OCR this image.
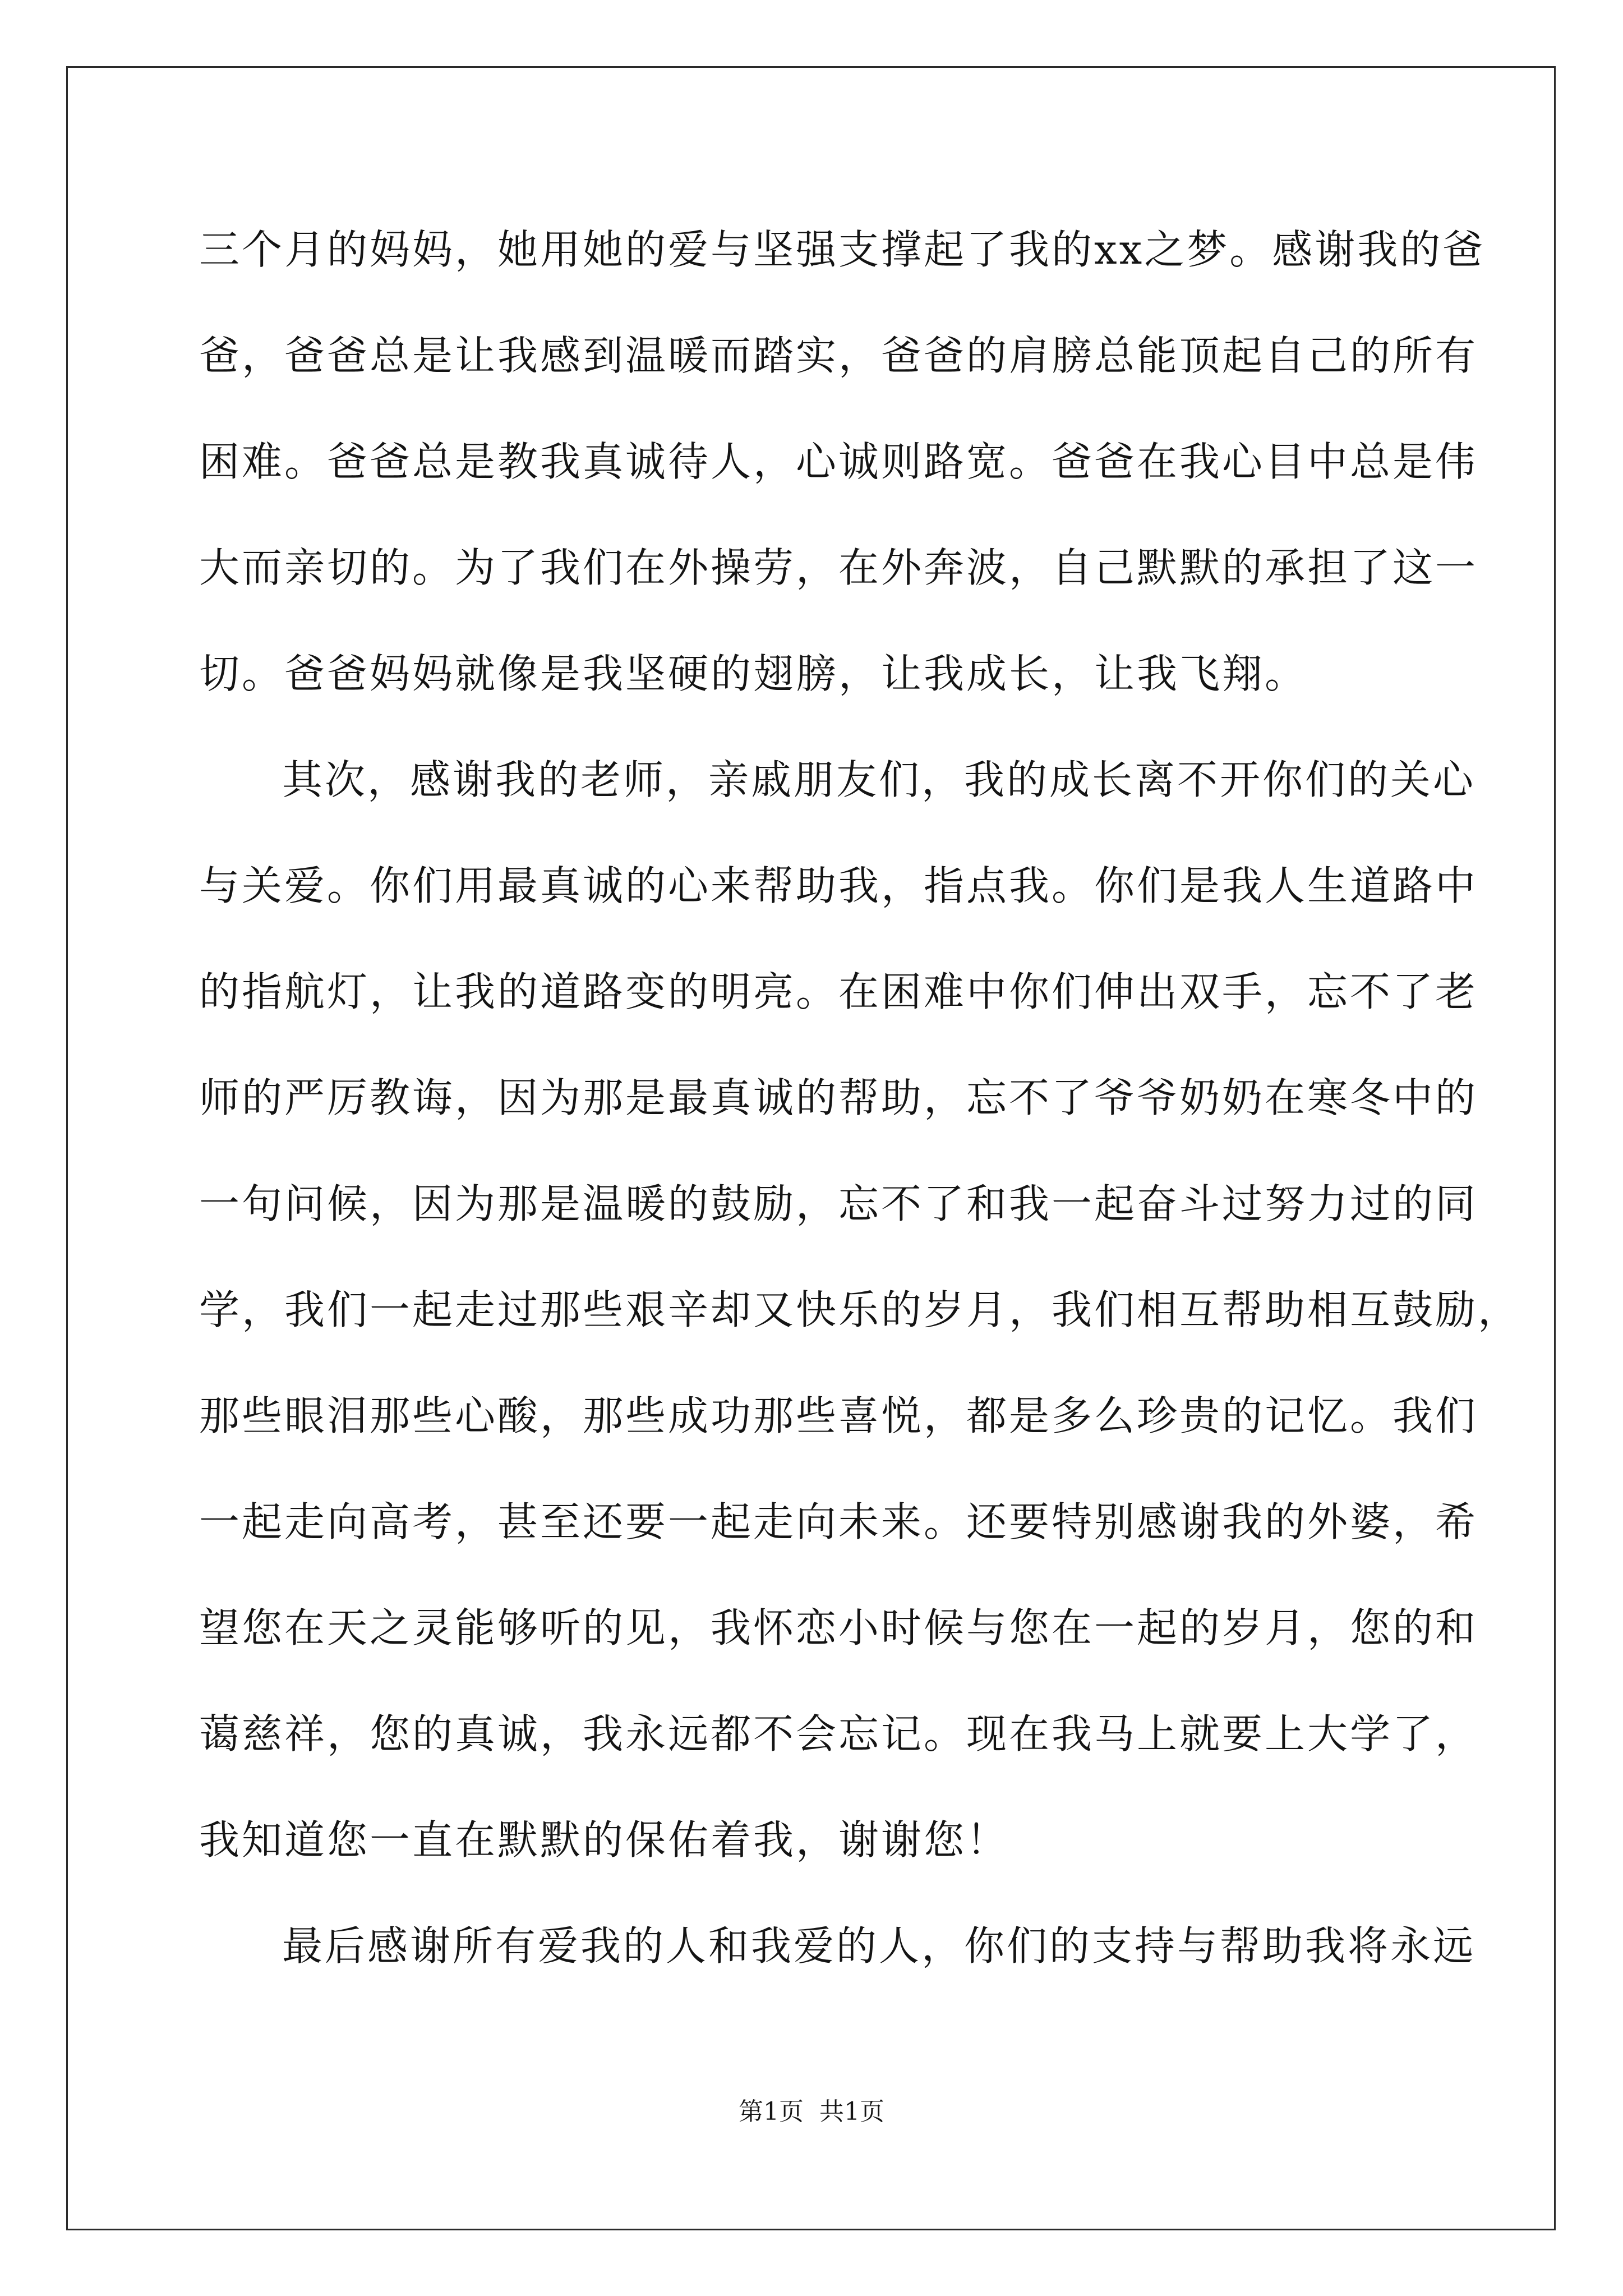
三个月的妈妈，她用她的爱与坚强支撑起了我的xx之梦。感谢我的爸
爸，爸爸总是让我感到温暖而踏实，爸爸的肩膀总能顶起自己的所有
困难。爸爸总是教我真诚待人，心诚则路宽。爸爸在我心目中总是伟
大而亲切的。为了我们在外操劳，在外奔波，自己默默的承担了这一
切。爸爸妈妈就像是我坚硬的翅膀，让我成长，让我飞翔。
其次，感谢我的老师，亲戚朋友们，我的成长离不开你们的关心
与关爱。你们用最真诚的心来帮助我，指点我。你们是我人生道路中
的指航灯，让我的道路变的明亮。在困难中你们伸出双手，忘不了老
师的严厉教诲，因为那是最真诚的帮助，忘不了爷爷奶奶在寒冬中的
一句问候，因为那是温暖的鼓励，忘不了和我一起奋斗过努力过的同
学，我们一起走过那些艰辛却又快乐的岁月，我们相互帮助相互鼓励，
那些眼泪那些心酸，那些成功那些喜悦，都是多么珍贵的记忆。我们
一起走向高考，甚至还要一起走向未来。还要特别感谢我的外婆，希
望您在天之灵能够听的见，我怀恋小时候与您在一起的岁月，您的和
蔼慈祥，您的真诚，我永远都不会忘记。现在我马上就要上大学了，
我知道您一直在默默的保佑着我，谢谢您！
最后感谢所有爱我的人和我爱的人，你们的支持与帮助我将永远
第1页  共1页
